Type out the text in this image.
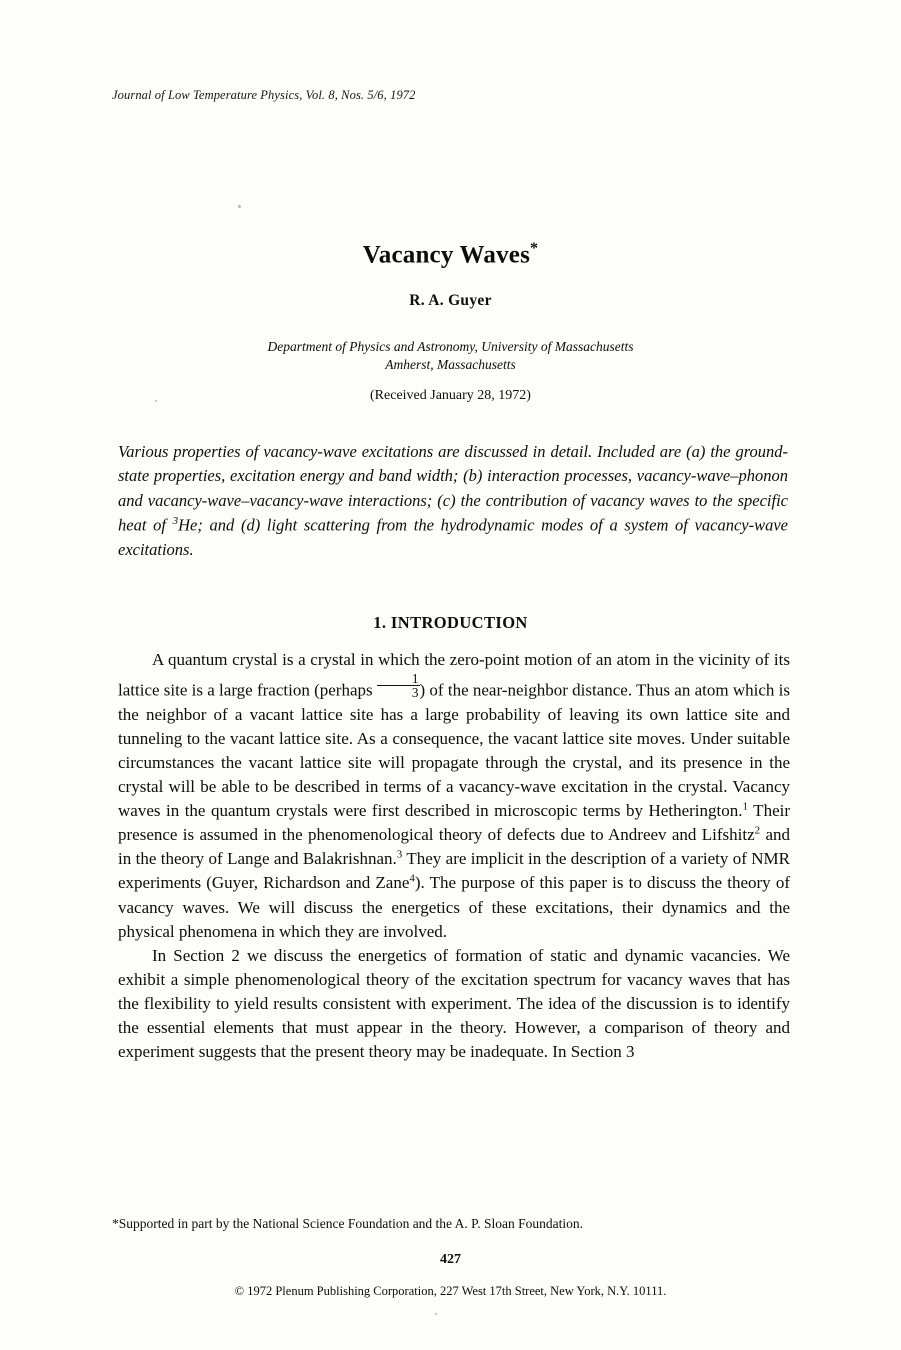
Journal of Low Temperature Physics, Vol. 8, Nos. 5/6, 1972
Vacancy Waves*
R. A. Guyer
Department of Physics and Astronomy, University of Massachusetts
Amherst, Massachusetts
(Received January 28, 1972)
Various properties of vacancy-wave excitations are discussed in detail. Included are (a) the ground-state properties, excitation energy and band width; (b) interaction processes, vacancy-wave–phonon and vacancy-wave–vacancy-wave interactions; (c) the contribution of vacancy waves to the specific heat of $^3$He; and (d) light scattering from the hydrodynamic modes of a system of vacancy-wave excitations.
1. INTRODUCTION

A quantum crystal is a crystal in which the zero-point motion of an atom in the vicinity of its lattice site is a large fraction (perhaps $\frac{1}{3}$ ) of the near-neighbor distance. Thus an atom which is the neighbor of a vacant lattice site has a large probability of leaving its own lattice site and tunneling to the vacant lattice site. As a consequence, the vacant lattice site moves. Under suitable circumstances the vacant lattice site will propagate through the crystal, and its presence in the crystal will be able to be described in terms of a vacancy-wave excitation in the crystal. Vacancy waves in the quantum crystals were first described in microscopic terms by Hetherington.$^1$ Their presence is assumed in the phenomenological theory of defects due to Andreev and Lifshitz$^2$ and in the theory of Lange and Balakrishnan.$^3$ They are implicit in the description of a variety of NMR experiments (Guyer, Richardson and Zane$^4$). The purpose of this paper is to discuss the theory of vacancy waves. We will discuss the energetics of these excitations, their dynamics and the physical phenomena in which they are involved.

In Section 2 we discuss the energetics of formation of static and dynamic vacancies. We exhibit a simple phenomenological theory of the excitation spectrum for vacancy waves that has the flexibility to yield results consistent with experiment. The idea of the discussion is to identify the essential elements that must appear in the theory. However, a comparison of theory and experiment suggests that the present theory may be inadequate. In Section 3

*Supported in part by the National Science Foundation and the A. P. Sloan Foundation.
427
© 1972 Plenum Publishing Corporation, 227 West 17th Street, New York, N.Y. 10111.
